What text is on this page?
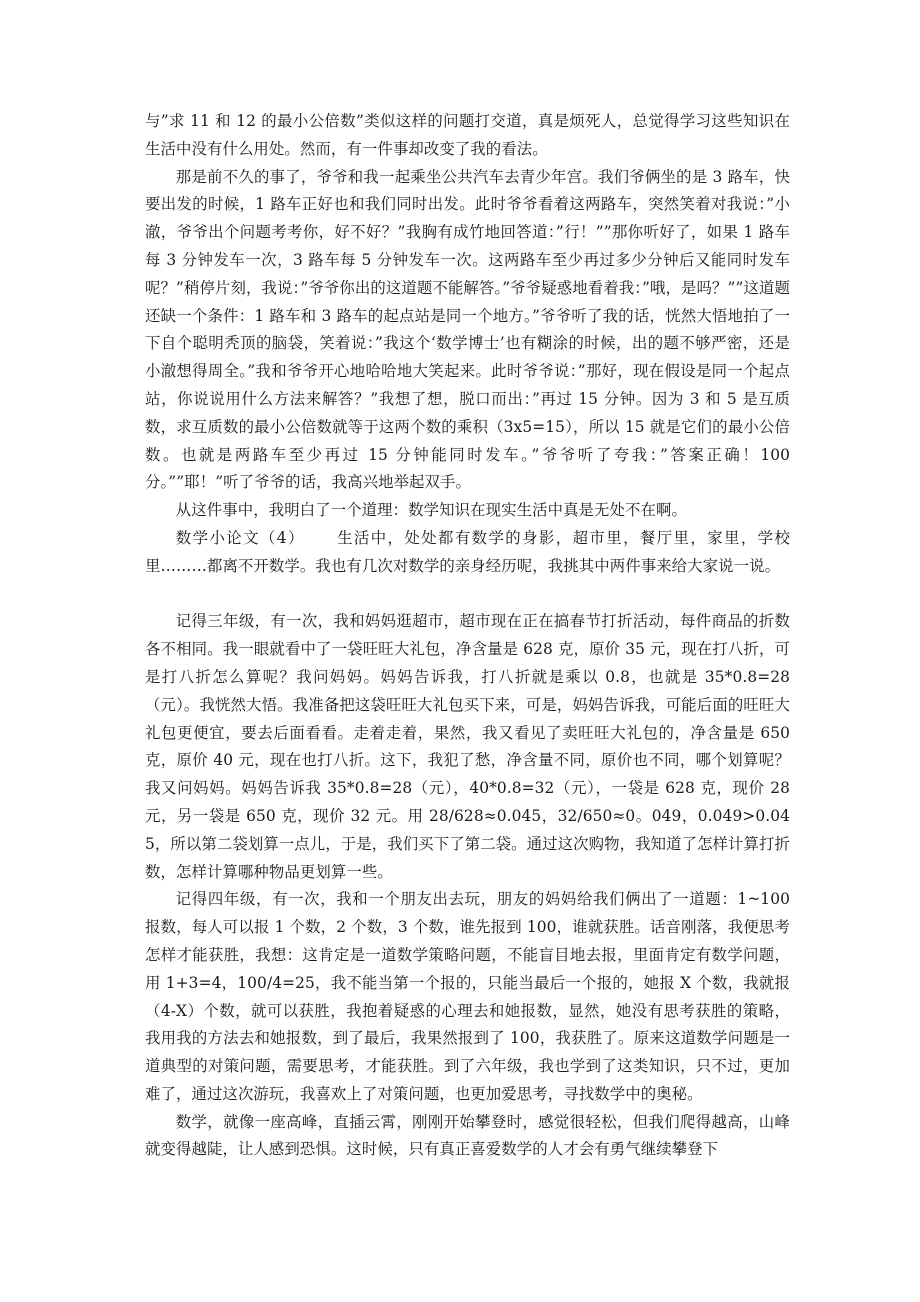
与”求 11 和 12 的最小公倍数”类似这样的问题打交道，真是烦死人，总觉得学习这些知识在生活中没有什么用处。然而，有一件事却改变了我的看法。

那是前不久的事了，爷爷和我一起乘坐公共汽车去青少年宫。我们爷俩坐的是 3 路车，快要出发的时候，1 路车正好也和我们同时出发。此时爷爷看着这两路车，突然笑着对我说：”小澈，爷爷出个问题考考你，好不好？”我胸有成竹地回答道：”行！””那你听好了，如果 1 路车每 3 分钟发车一次，3 路车每 5 分钟发车一次。这两路车至少再过多少分钟后又能同时发车呢？”稍停片刻，我说：”爷爷你出的这道题不能解答。”爷爷疑惑地看着我：”哦，是吗？””这道题还缺一个条件：1 路车和 3 路车的起点站是同一个地方。”爷爷听了我的话，恍然大悟地拍了一下自个聪明秃顶的脑袋，笑着说：”我这个‘数学博士’也有糊涂的时候，出的题不够严密，还是小澈想得周全。”我和爷爷开心地哈哈地大笑起来。此时爷爷说：”那好，现在假设是同一个起点站，你说说用什么方法来解答？”我想了想，脱口而出：”再过 15 分钟。因为 3 和 5 是互质数，求互质数的最小公倍数就等于这两个数的乘积（3x5=15），所以 15 就是它们的最小公倍数。也就是两路车至少再过 15 分钟能同时发车。”爷爷听了夸我：”答案正确！100 分。””耶！”听了爷爷的话，我高兴地举起双手。

从这件事中，我明白了一个道理：数学知识在现实生活中真是无处不在啊。

数学小论文（4）　　 生活中，处处都有数学的身影，超市里，餐厅里，家里，学校里………都离不开数学。我也有几次对数学的亲身经历呢，我挑其中两件事来给大家说一说。

记得三年级，有一次，我和妈妈逛超市，超市现在正在搞春节打折活动，每件商品的折数各不相同。我一眼就看中了一袋旺旺大礼包，净含量是 628 克，原价 35 元，现在打八折，可是打八折怎么算呢？我问妈妈。妈妈告诉我，打八折就是乘以 0.8，也就是 35*0.8=28（元）。我恍然大悟。我准备把这袋旺旺大礼包买下来，可是，妈妈告诉我，可能后面的旺旺大礼包更便宜，要去后面看看。走着走着，果然，我又看见了卖旺旺大礼包的，净含量是 650 克，原价 40 元，现在也打八折。这下，我犯了愁，净含量不同，原价也不同，哪个划算呢？我又问妈妈。妈妈告诉我 35*0.8=28（元），40*0.8=32（元），一袋是 628 克，现价 28 元，另一袋是 650 克，现价 32 元。用 28/628≈0.045，32/650≈0。049，0.049>0.045，所以第二袋划算一点儿，于是，我们买下了第二袋。通过这次购物，我知道了怎样计算打折数，怎样计算哪种物品更划算一些。

记得四年级，有一次，我和一个朋友出去玩，朋友的妈妈给我们俩出了一道题：1~100 报数，每人可以报 1 个数，2 个数，3 个数，谁先报到 100，谁就获胜。话音刚落，我便思考怎样才能获胜，我想：这肯定是一道数学策略问题，不能盲目地去报，里面肯定有数学问题，用 1+3=4，100/4=25，我不能当第一个报的，只能当最后一个报的，她报 X 个数，我就报（4-X）个数，就可以获胜，我抱着疑惑的心理去和她报数，显然，她没有思考获胜的策略，我用我的方法去和她报数，到了最后，我果然报到了 100，我获胜了。原来这道数学问题是一道典型的对策问题，需要思考，才能获胜。到了六年级，我也学到了这类知识，只不过，更加难了，通过这次游玩，我喜欢上了对策问题，也更加爱思考，寻找数学中的奥秘。

数学，就像一座高峰，直插云霄，刚刚开始攀登时，感觉很轻松，但我们爬得越高，山峰就变得越陡，让人感到恐惧。这时候，只有真正喜爱数学的人才会有勇气继续攀登下
